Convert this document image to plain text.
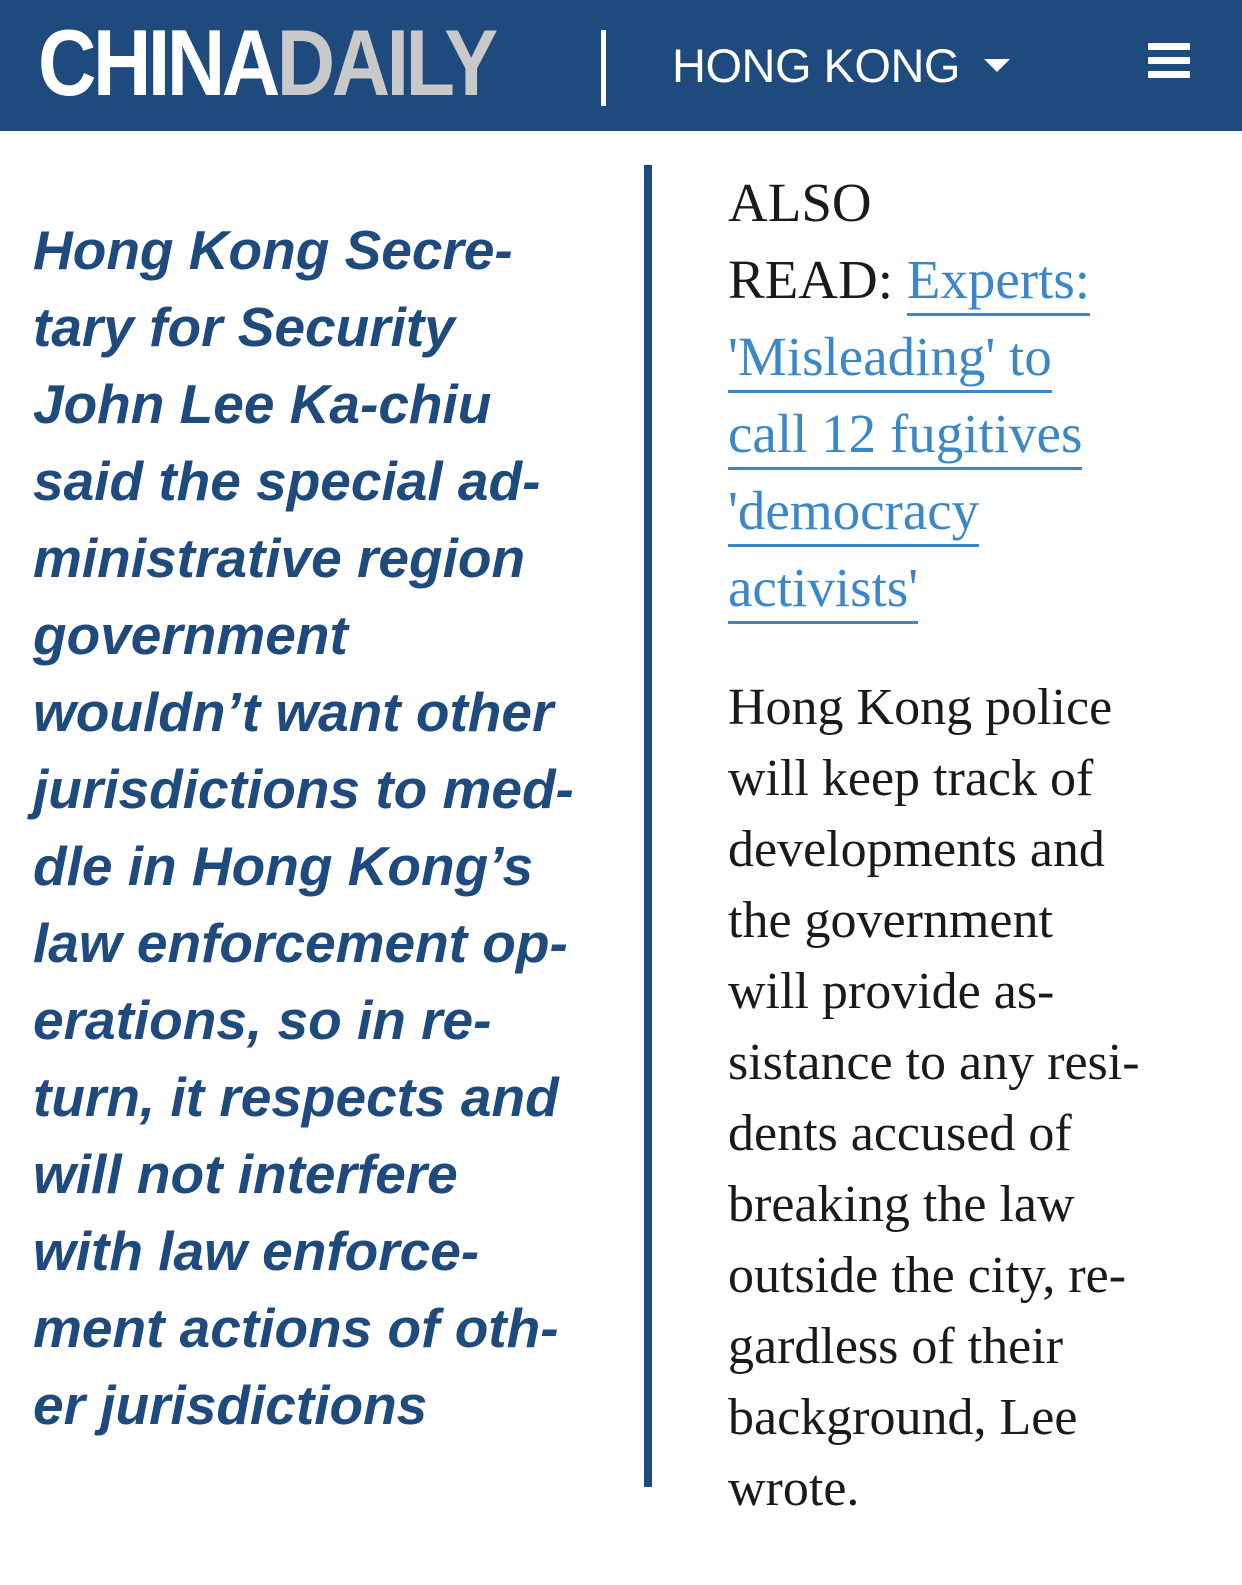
CHINADAILY	HONG KONG

Hong Kong Secre-
tary for Security
John Lee Ka-chiu
said the special ad-
ministrative region
government
wouldn’t want other
jurisdictions to med-
dle in Hong Kong’s
law enforcement op-
erations, so in re-
turn, it respects and
will not interfere
with law enforce-
ment actions of oth-
er jurisdictions

ALSO
READ: Experts:
'Misleading' to
call 12 fugitives
'democracy
activists'

Hong Kong police
will keep track of
developments and
the government
will provide as-
sistance to any resi-
dents accused of
breaking the law
outside the city, re-
gardless of their
background, Lee
wrote.
